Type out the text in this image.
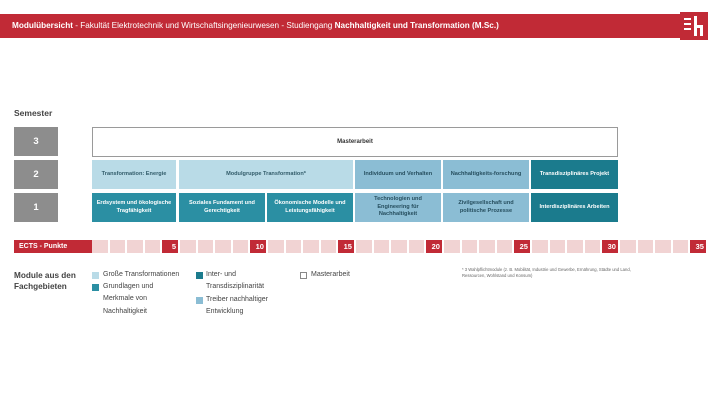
Modulübersicht - Fakultät Elektrotechnik und Wirtschaftsingenieurwesen - Studiengang Nachhaltigkeit und Transformation (M.Sc.)
Semester
3
2
1
Masterarbeit
Transformation: Energie	Modulgruppe Transformation*	Individuum und Verhalten	Nachhaltigkeits-forschung	Transdisziplinäres Projekt
Erdsystem und ökologische Tragfähigkeit
Soziales Fundament und Gerechtigkeit
Ökonomische Modelle und Leistungsfähigkeit
Technologien und Engineering für Nachhaltigkeit
Zivilgesellschaft und politische Prozesse
Interdisziplinäres Arbeiten
ECTS - Punkte	5	10	15	20	25	30	35
Module aus den Fachgebieten
Große Transformationen
Grundlagen und Merkmale von Nachhaltigkeit
Inter- und Transdisziplinarität
Treiber nachhaltiger Entwicklung
Masterarbeit
* 3 Wahlpflichtmodule (z. B. Mobilität, Industrie und Gewerbe, Ernährung, Städte und Land, Ressourcen, Wohlstand und Konsum)
